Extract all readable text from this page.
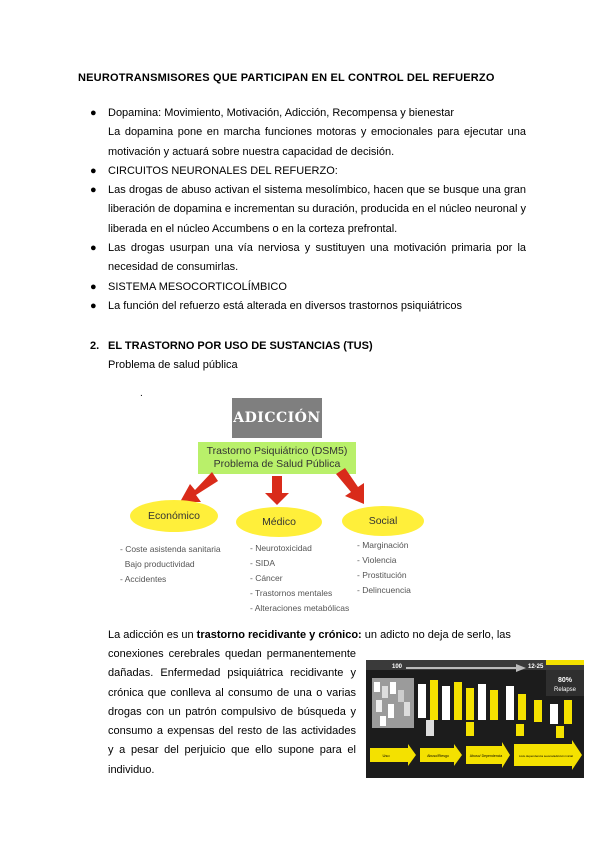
NEUROTRANSMISORES QUE PARTICIPAN EN EL CONTROL DEL REFUERZO
● Dopamina: Movimiento, Motivación, Adicción, Recompensa y bienestar
La dopamina pone en marcha funciones motoras y emocionales para ejecutar una motivación y actuará sobre nuestra capacidad de decisión.
● CIRCUITOS NEURONALES DEL REFUERZO:
● Las drogas de abuso activan el sistema mesolímbico, hacen que se busque una gran liberación de dopamina e incrementan su duración, producida en el núcleo neuronal y liberada en el núcleo Accumbens o en la corteza prefrontal.
● Las drogas usurpan una vía nerviosa y sustituyen una motivación primaria por la necesidad de consumirlas.
● SISTEMA MESOCORTICOLÍMBICO
● La función del refuerzo está alterada en diversos trastornos psiquiátricos
2. EL TRASTORNO POR USO DE SUSTANCIAS (TUS)
Problema de salud pública
.
ADICCIÓN
Trastorno Psiquiátrico (DSM5)
Problema de Salud Pública
Económico	Médico	Social
- Coste asistenda sanitaria
Bajo productividad
- Accidentes
- Neurotoxicidad
- SIDA
- Cáncer
- Trastornos mentales
- Alteraciones metabólicas
- Marginación
- Violencia
- Prostitución
- Delincuencia
La adicción es un trastorno recidivante y crónico: un adicto no deja de serlo, las
conexiones cerebrales quedan permanentemente dañadas. Enfermedad psiquiátrica recidivante y crónica que conlleva al consumo de una o varias drogas con un patrón compulsivo de búsqueda y consumo a expensas del resto de las actividades y a pesar del perjuicio que ello supone para el individuo.
100	12-25
80%
Relapse
Uso	Abuso/Riesgo	Abuso/ Dependencia	Lisis dependencia severa/adicción inicial
